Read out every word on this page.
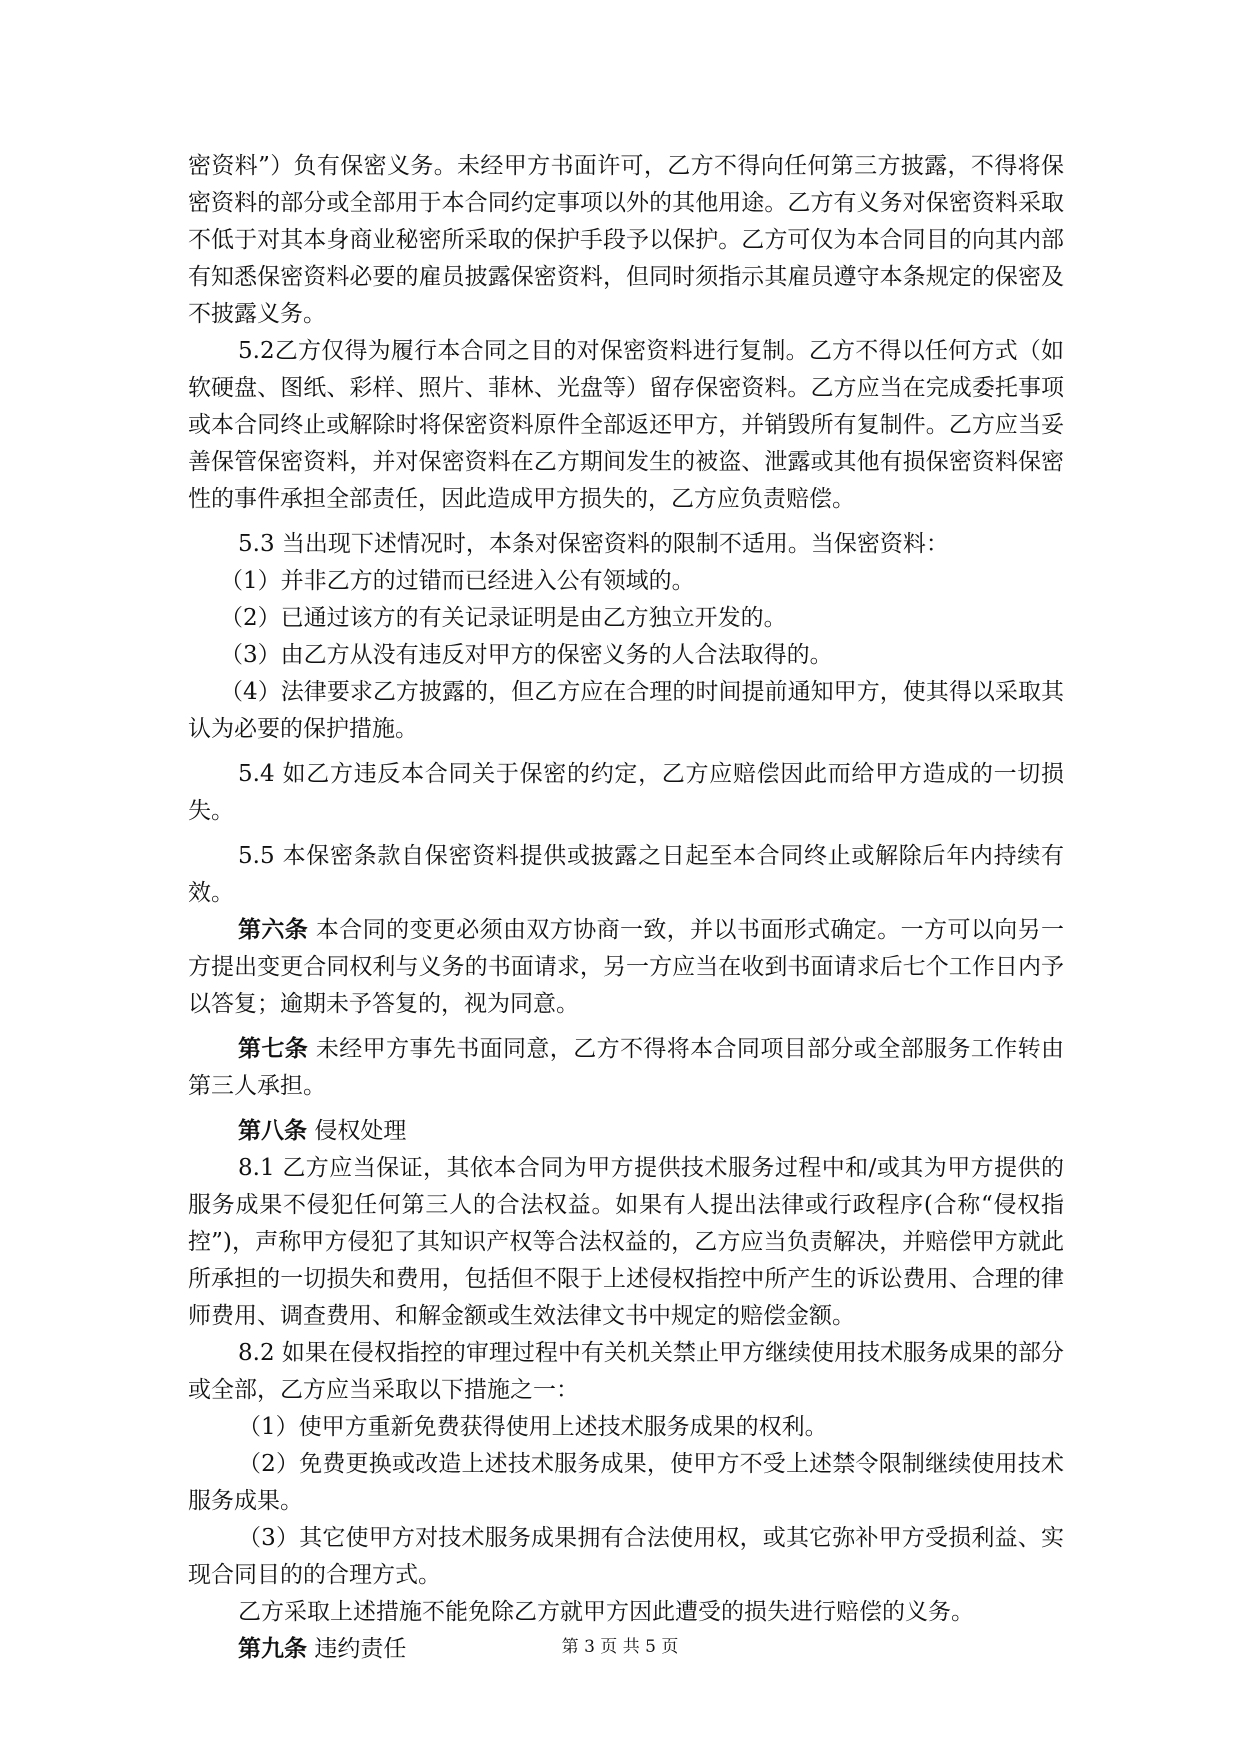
密资料”）负有保密义务。未经甲方书面许可，乙方不得向任何第三方披露，不得将保密资料的部分或全部用于本合同约定事项以外的其他用途。乙方有义务对保密资料采取不低于对其本身商业秘密所采取的保护手段予以保护。乙方可仅为本合同目的向其内部有知悉保密资料必要的雇员披露保密资料，但同时须指示其雇员遵守本条规定的保密及不披露义务。

5.2乙方仅得为履行本合同之目的对保密资料进行复制。乙方不得以任何方式（如软硬盘、图纸、彩样、照片、菲林、光盘等）留存保密资料。乙方应当在完成委托事项或本合同终止或解除时将保密资料原件全部返还甲方，并销毁所有复制件。乙方应当妥善保管保密资料，并对保密资料在乙方期间发生的被盗、泄露或其他有损保密资料保密性的事件承担全部责任，因此造成甲方损失的，乙方应负责赔偿。

5.3 当出现下述情况时，本条对保密资料的限制不适用。当保密资料：

（1）并非乙方的过错而已经进入公有领域的。

（2）已通过该方的有关记录证明是由乙方独立开发的。

（3）由乙方从没有违反对甲方的保密义务的人合法取得的。

（4）法律要求乙方披露的，但乙方应在合理的时间提前通知甲方，使其得以采取其认为必要的保护措施。

5.4 如乙方违反本合同关于保密的约定，乙方应赔偿因此而给甲方造成的一切损失。

5.5 本保密条款自保密资料提供或披露之日起至本合同终止或解除后年内持续有效。

第六条 本合同的变更必须由双方协商一致，并以书面形式确定。一方可以向另一方提出变更合同权利与义务的书面请求，另一方应当在收到书面请求后七个工作日内予以答复；逾期未予答复的，视为同意。

第七条 未经甲方事先书面同意，乙方不得将本合同项目部分或全部服务工作转由第三人承担。

第八条 侵权处理

8.1 乙方应当保证，其依本合同为甲方提供技术服务过程中和/或其为甲方提供的服务成果不侵犯任何第三人的合法权益。如果有人提出法律或行政程序(合称“侵权指控”)，声称甲方侵犯了其知识产权等合法权益的，乙方应当负责解决，并赔偿甲方就此所承担的一切损失和费用，包括但不限于上述侵权指控中所产生的诉讼费用、合理的律师费用、调查费用、和解金额或生效法律文书中规定的赔偿金额。

8.2 如果在侵权指控的审理过程中有关机关禁止甲方继续使用技术服务成果的部分或全部，乙方应当采取以下措施之一：

（1）使甲方重新免费获得使用上述技术服务成果的权利。

（2）免费更换或改造上述技术服务成果，使甲方不受上述禁令限制继续使用技术服务成果。

（3）其它使甲方对技术服务成果拥有合法使用权，或其它弥补甲方受损利益、实现合同目的的合理方式。

乙方采取上述措施不能免除乙方就甲方因此遭受的损失进行赔偿的义务。

第九条 违约责任	第 3 页 共 5 页
